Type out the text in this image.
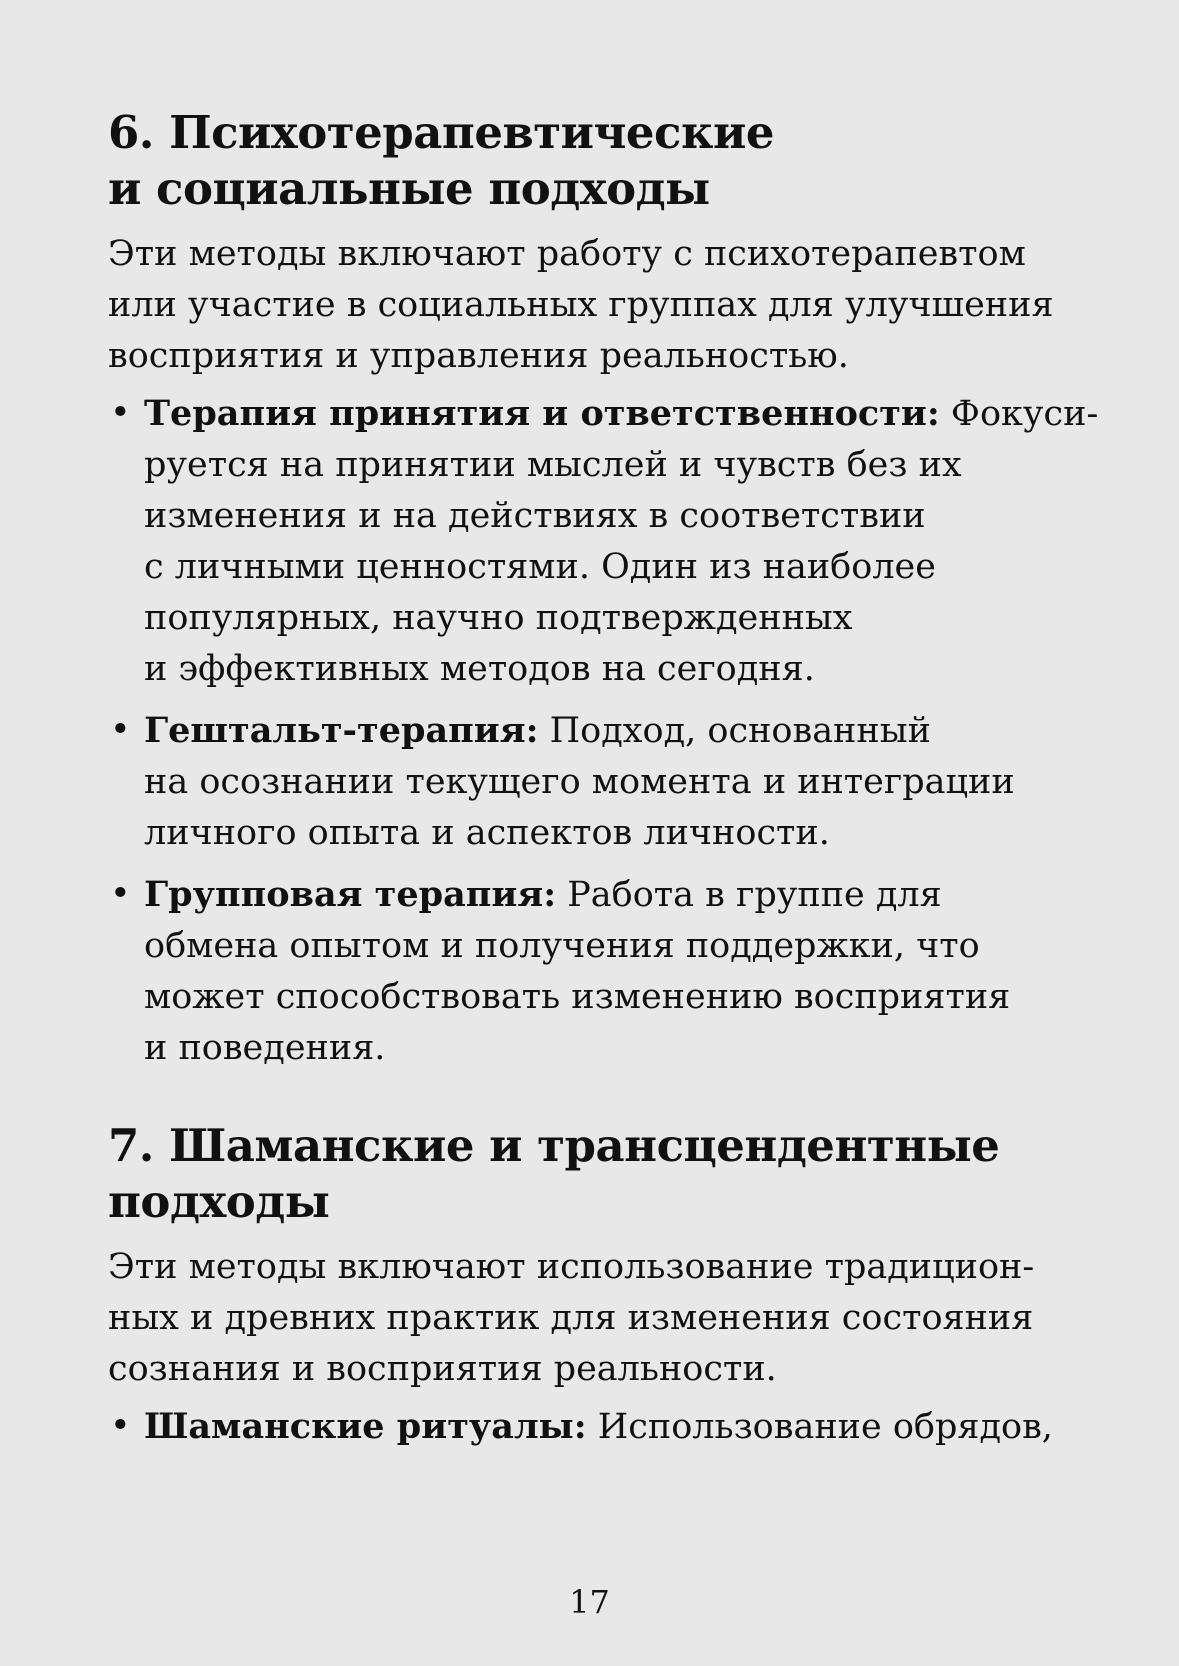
6. Психотерапевтические
и социальные подходы

Эти методы включают работу с психотерапевтом
или участие в социальных группах для улучшения
восприятия и управления реальностью.

• Терапия принятия и ответственности: Фокуси-
руется на принятии мыслей и чувств без их
изменения и на действиях в соответствии
с личными ценностями. Один из наиболее
популярных, научно подтвержденных
и эффективных методов на сегодня.
• Гештальт-терапия: Подход, основанный
на осознании текущего момента и интеграции
личного опыта и аспектов личности.
• Групповая терапия: Работа в группе для
обмена опытом и получения поддержки, что
может способствовать изменению восприятия
и поведения.
7. Шаманские и трансцендентные
подходы

Эти методы включают использование традицион-
ных и древних практик для изменения состояния
сознания и восприятия реальности.

• Шаманские ритуалы: Использование обрядов,
17
